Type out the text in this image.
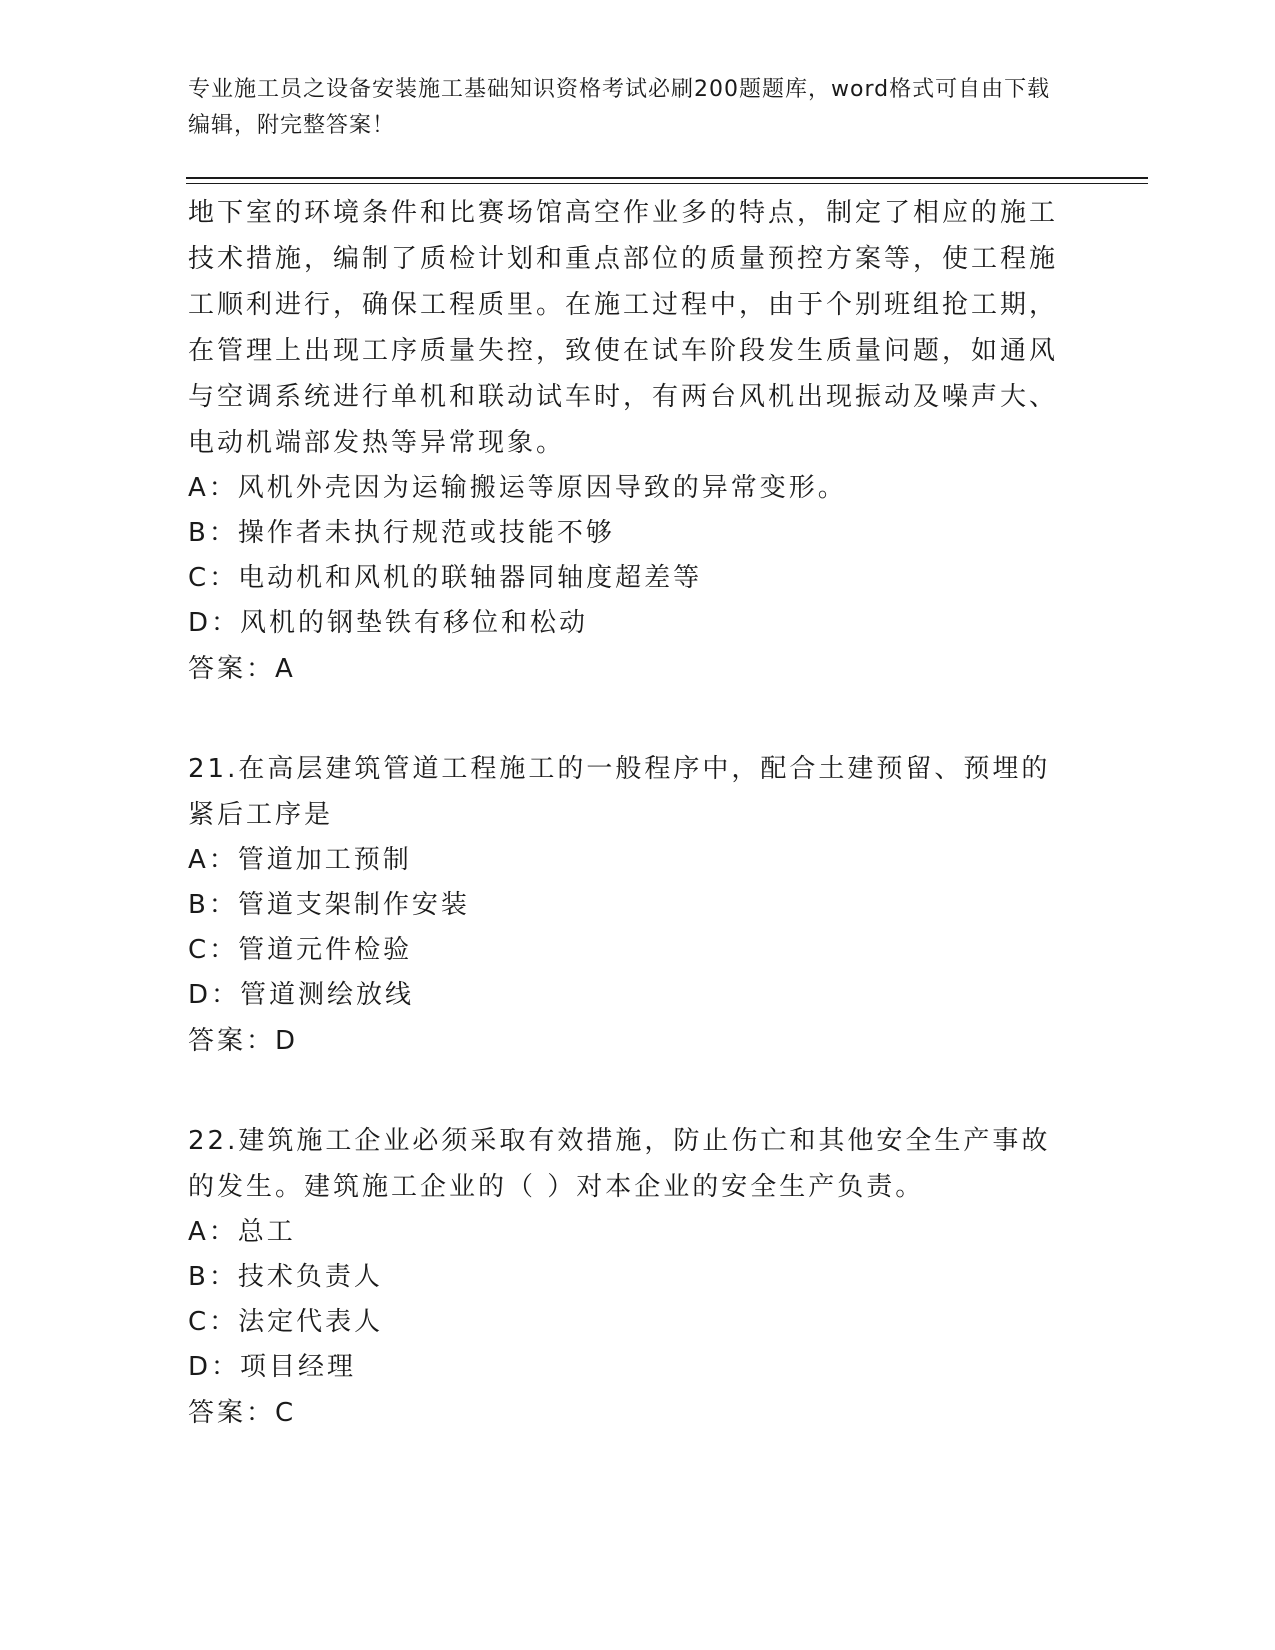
专业施工员之设备安装施工基础知识资格考试必刷200题题库，word格式可自由下载编辑，附完整答案！

地下室的环境条件和比赛场馆高空作业多的特点，制定了相应的施工技术措施，编制了质检计划和重点部位的质量预控方案等，使工程施工顺利进行，确保工程质里。在施工过程中，由于个别班组抢工期，在管理上出现工序质量失控，致使在试车阶段发生质量问题，如通风与空调系统进行单机和联动试车时，有两台风机出现振动及噪声大、电动机端部发热等异常现象。

A：风机外壳因为运输搬运等原因导致的异常变形。

B：操作者未执行规范或技能不够

C：电动机和风机的联轴器同轴度超差等

D：风机的钢垫铁有移位和松动

答案：A

21.在高层建筑管道工程施工的一般程序中，配合土建预留、预埋的紧后工序是

A：管道加工预制

B：管道支架制作安装

C：管道元件检验

D：管道测绘放线

答案：D

22.建筑施工企业必须采取有效措施，防止伤亡和其他安全生产事故的发生。建筑施工企业的（ ）对本企业的安全生产负责。

A：总工

B：技术负责人

C：法定代表人

D：项目经理

答案：C
